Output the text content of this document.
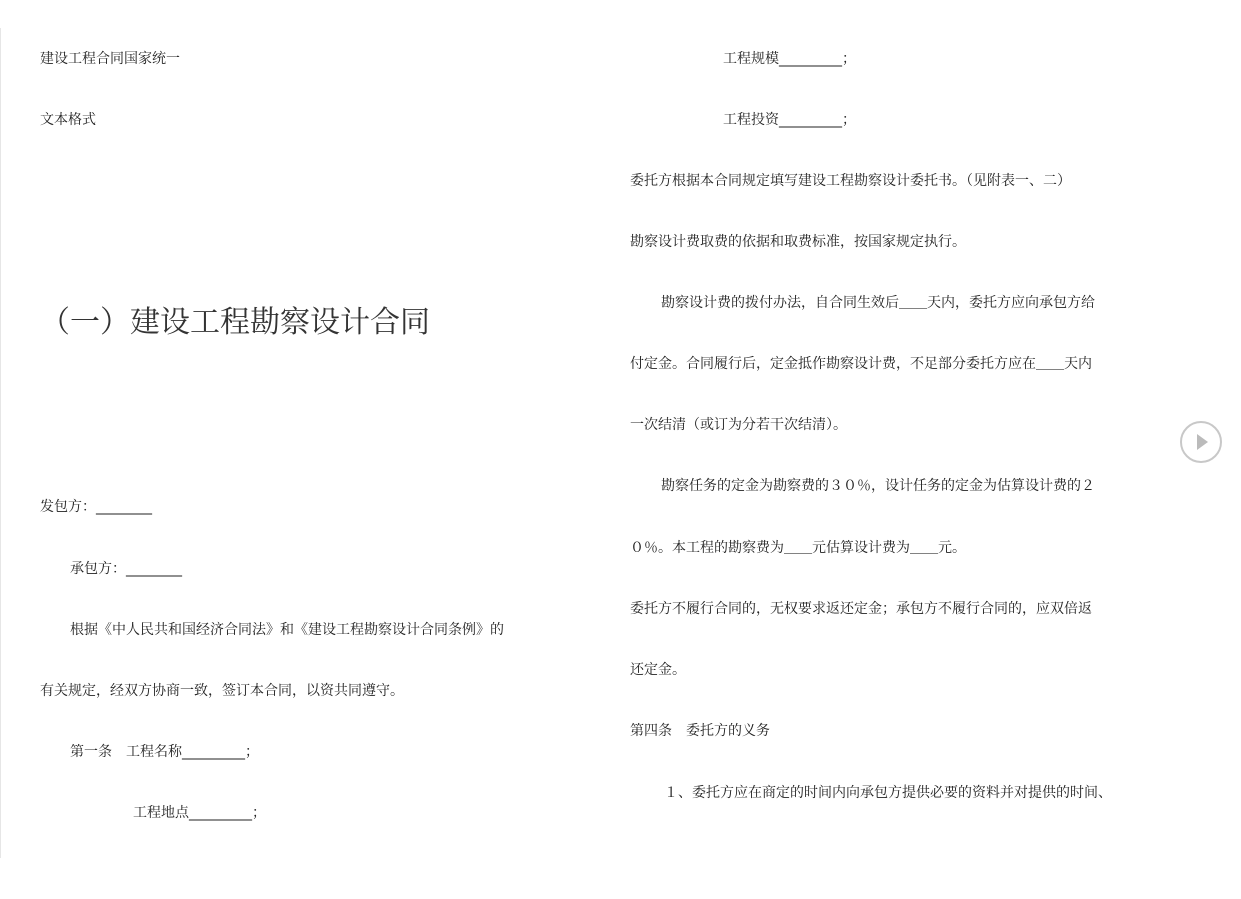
建设工程合同国家统一
文本格式
（一）建设工程勘察设计合同
发包方：________
承包方：________
根据《中人民共和国经济合同法》和《建设工程勘察设计合同条例》的
有关规定，经双方协商一致，签订本合同，以资共同遵守。
第一条　工程名称_________；
工程地点_________；
工程规模_________；
工程投资_________；
委托方根据本合同规定填写建设工程勘察设计委托书。（见附表一、二）
勘察设计费取费的依据和取费标准，按国家规定执行。
勘察设计费的拨付办法，自合同生效后＿＿天内，委托方应向承包方给
付定金。合同履行后，定金抵作勘察设计费，不足部分委托方应在＿＿天内
一次结清（或订为分若干次结清）。
勘察任务的定金为勘察费的３０％，设计任务的定金为估算设计费的２
０％。本工程的勘察费为＿＿元估算设计费为＿＿元。
委托方不履行合同的，无权要求返还定金；承包方不履行合同的，应双倍返
还定金。
第四条　委托方的义务
１、委托方应在商定的时间内向承包方提供必要的资料并对提供的时间、
